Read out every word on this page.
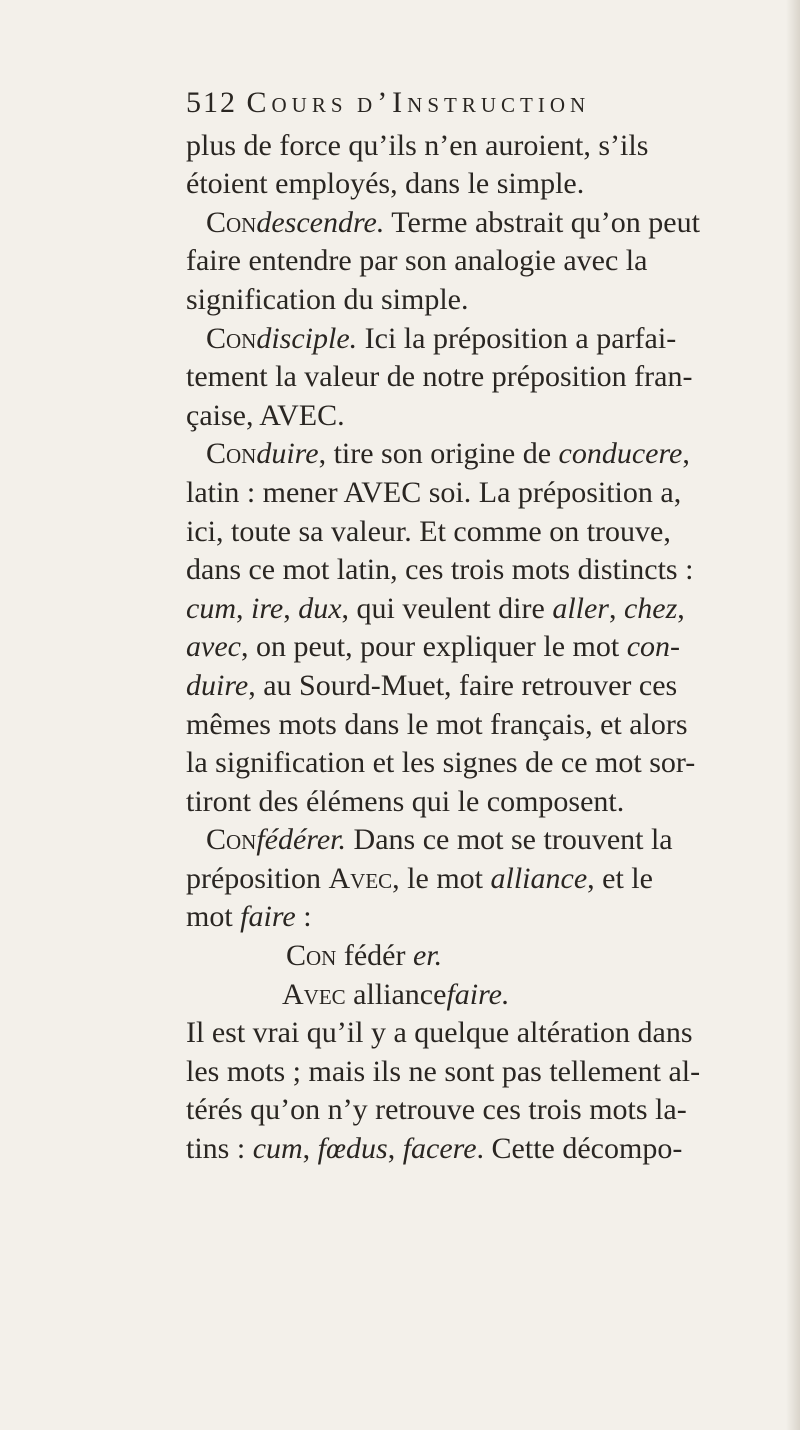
512 Cours d’Instruction
plus de force qu’ils n’en auroient, s’ils
étoient employés, dans le simple.
Condescendre. Terme abstrait qu’on peut
faire entendre par son analogie avec la
signification du simple.
Condisciple. Ici la préposition a parfai-
tement la valeur de notre préposition fran-
çaise, AVEC.
Conduire, tire son origine de conducere,
latin : mener AVEC soi. La préposition a,
ici, toute sa valeur. Et comme on trouve,
dans ce mot latin, ces trois mots distincts :
cum, ire, dux, qui veulent dire aller, chez,
avec, on peut, pour expliquer le mot con-
duire, au Sourd-Muet, faire retrouver ces
mêmes mots dans le mot français, et alors
la signification et les signes de ce mot sor-
tiront des élémens qui le composent.
Confédérer. Dans ce mot se trouvent la
préposition Avec, le mot alliance, et le
mot faire :
Con fédér er.
Avec alliancefaire.
Il est vrai qu’il y a quelque altération dans
les mots ; mais ils ne sont pas tellement al-
térés qu’on n’y retrouve ces trois mots la-
tins : cum, fœdus, facere. Cette décompo-
